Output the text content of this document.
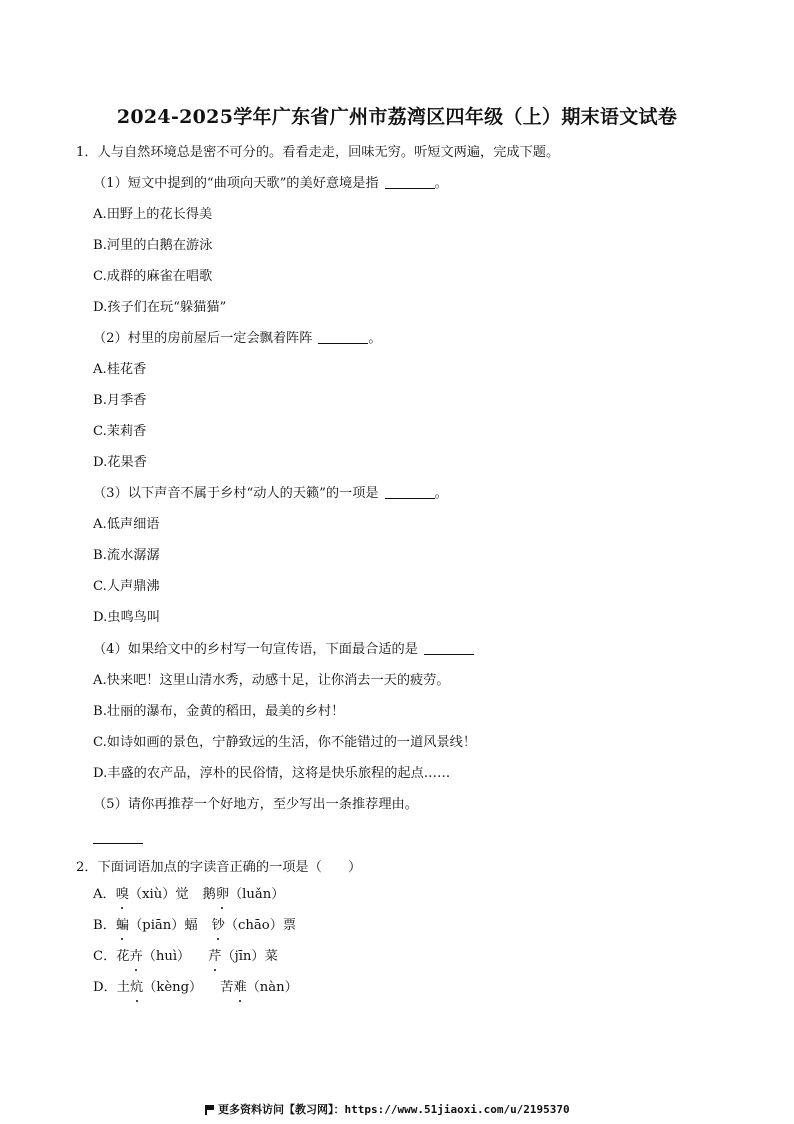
2024-2025学年广东省广州市荔湾区四年级（上）期末语文试卷
1．人与自然环境总是密不可分的。看看走走，回味无穷。听短文两遍，完成下题。
（1）短文中提到的“曲项向天歌”的美好意境是指	。
A.田野上的花长得美
B.河里的白鹅在游泳
C.成群的麻雀在唱歌
D.孩子们在玩“躲猫猫”
（2）村里的房前屋后一定会飘着阵阵	。
A.桂花香
B.月季香
C.茉莉香
D.花果香
（3）以下声音不属于乡村“动人的天籁”的一项是	。
A.低声细语
B.流水潺潺
C.人声鼎沸
D.虫鸣鸟叫
（4）如果给文中的乡村写一句宣传语，下面最合适的是
A.快来吧！这里山清水秀，动感十足，让你消去一天的疲劳。
B.壮丽的瀑布，金黄的稻田，最美的乡村！
C.如诗如画的景色，宁静致远的生活，你不能错过的一道风景线！
D.丰盛的农产品，淳朴的民俗情，这将是快乐旅程的起点……
（5）请你再推荐一个好地方，至少写出一条推荐理由。
2．下面词语加点的字读音正确的一项是（　　）
A．嗅（xiù）觉 鹅卵（luǎn）
B．蝙（piān）蝠 钞（chāo）票
C．花卉（huì） 芹（jīn）菜
D．土炕（kèng） 苦难（nàn）
更多资料访问【教习网】：https://www.51jiaoxi.com/u/2195370
